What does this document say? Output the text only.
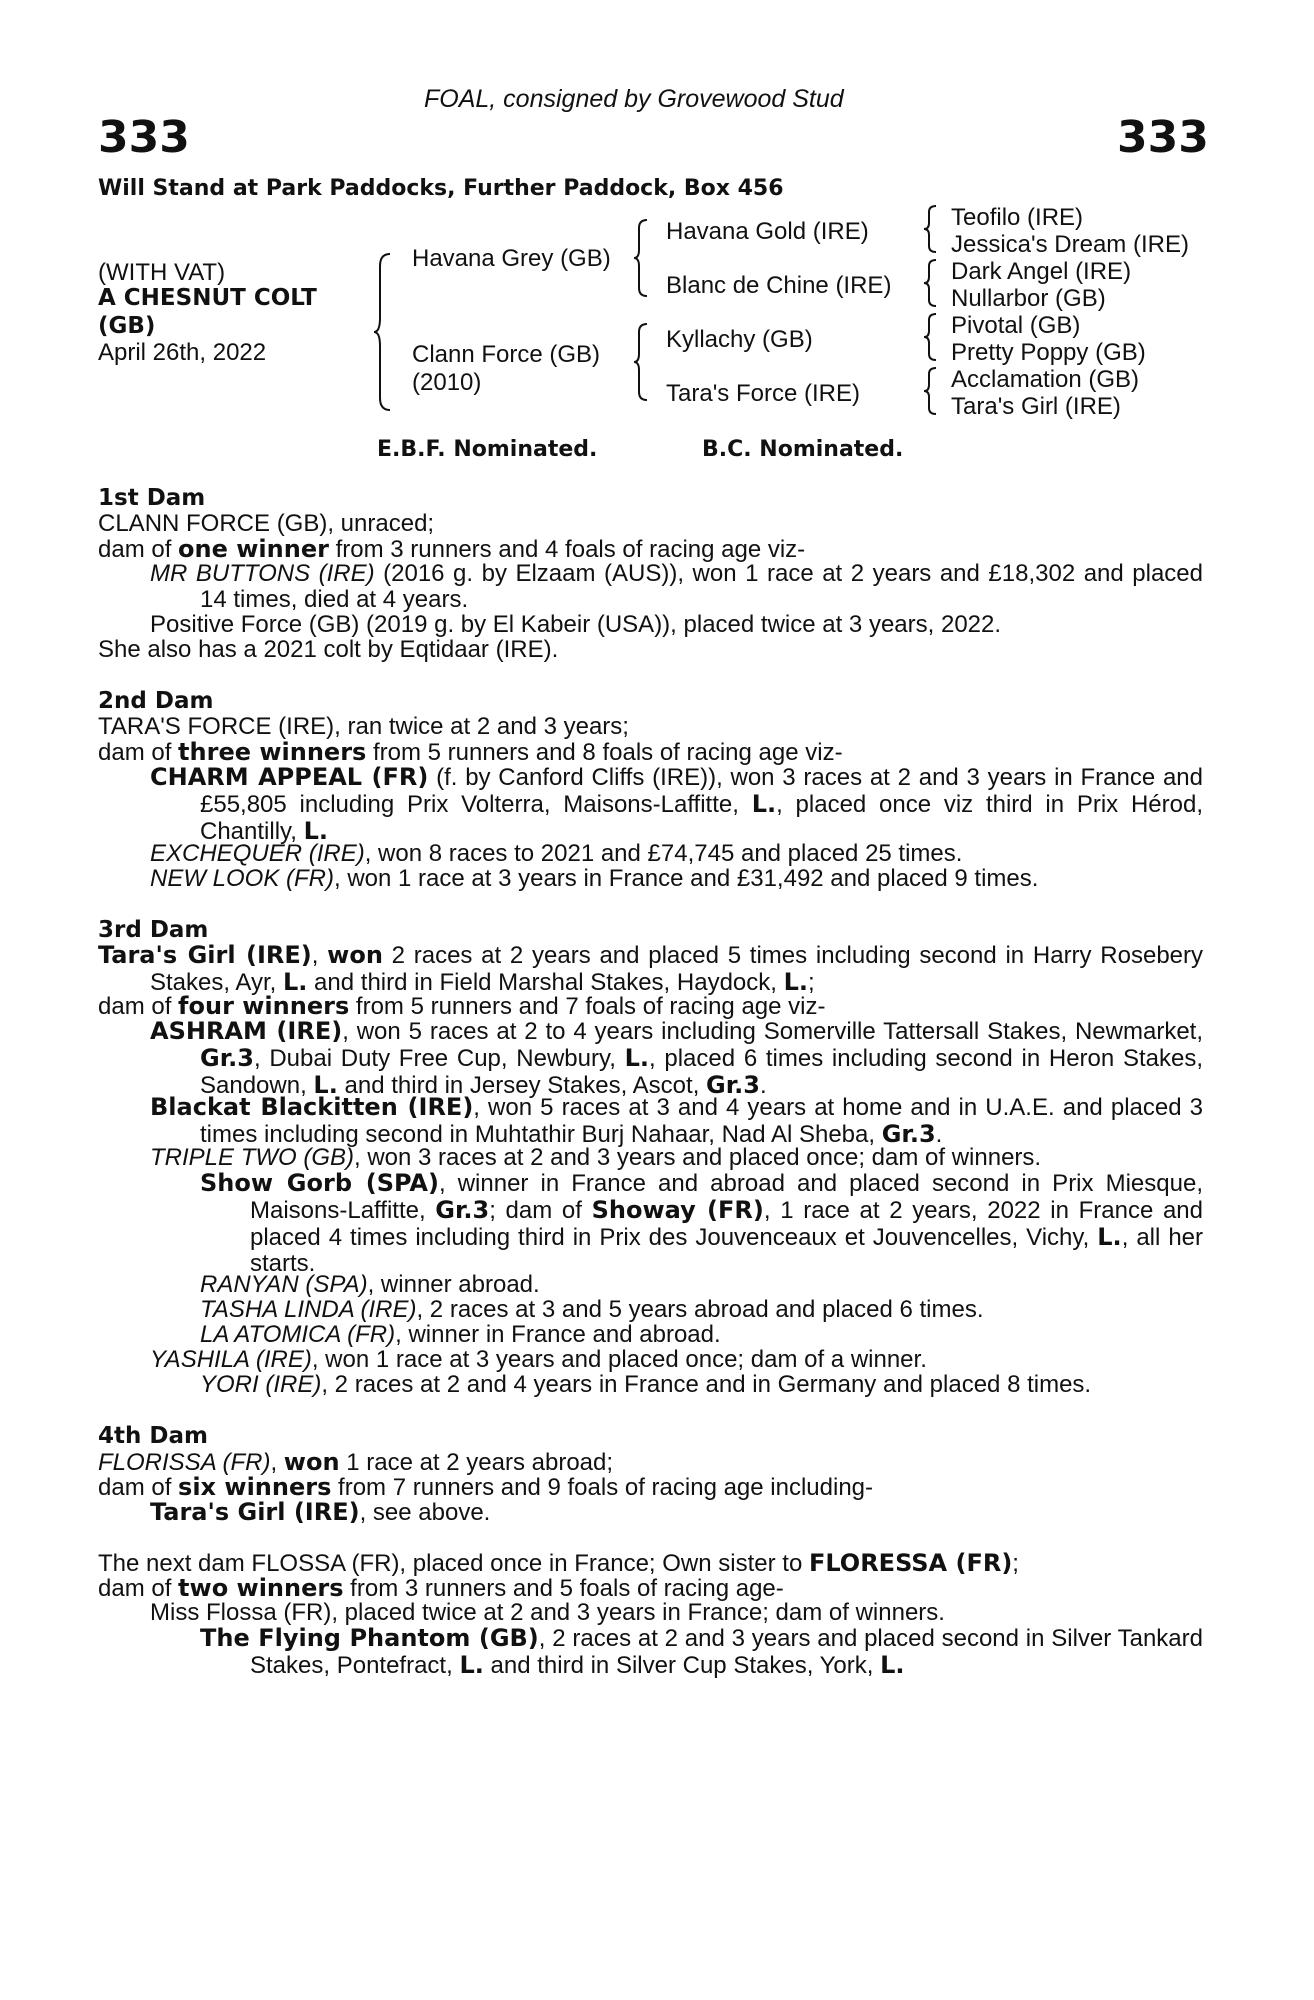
FOAL, consigned by Grovewood Stud
333	333
Will Stand at Park Paddocks, Further Paddock, Box 456
(WITH VAT)
A CHESNUT COLT
(GB)
April 26th, 2022
Havana Grey (GB)
Clann Force (GB)
(2010)
Havana Gold (IRE)
Blanc de Chine (IRE)
Kyllachy (GB)
Tara's Force (IRE)
Teofilo (IRE)
Jessica's Dream (IRE)
Dark Angel (IRE)
Nullarbor (GB)
Pivotal (GB)
Pretty Poppy (GB)
Acclamation (GB)
Tara's Girl (IRE)
E.B.F. Nominated.	B.C. Nominated.
1st Dam
CLANN FORCE (GB), unraced;
dam of one winner from 3 runners and 4 foals of racing age viz-
MR BUTTONS (IRE) (2016 g. by Elzaam (AUS)), won 1 race at 2 years and £18,302 and placed 14 times, died at 4 years.
Positive Force (GB) (2019 g. by El Kabeir (USA)), placed twice at 3 years, 2022.
She also has a 2021 colt by Eqtidaar (IRE).
2nd Dam
TARA'S FORCE (IRE), ran twice at 2 and 3 years;
dam of three winners from 5 runners and 8 foals of racing age viz-
CHARM APPEAL (FR) (f. by Canford Cliffs (IRE)), won 3 races at 2 and 3 years in France and £55,805 including Prix Volterra, Maisons-Laffitte, L., placed once viz third in Prix Hérod, Chantilly, L.
EXCHEQUER (IRE), won 8 races to 2021 and £74,745 and placed 25 times.
NEW LOOK (FR), won 1 race at 3 years in France and £31,492 and placed 9 times.
3rd Dam
Tara's Girl (IRE), won 2 races at 2 years and placed 5 times including second in Harry Rosebery Stakes, Ayr, L. and third in Field Marshal Stakes, Haydock, L.;
dam of four winners from 5 runners and 7 foals of racing age viz-
ASHRAM (IRE), won 5 races at 2 to 4 years including Somerville Tattersall Stakes, Newmarket, Gr.3, Dubai Duty Free Cup, Newbury, L., placed 6 times including second in Heron Stakes, Sandown, L. and third in Jersey Stakes, Ascot, Gr.3.
Blackat Blackitten (IRE), won 5 races at 3 and 4 years at home and in U.A.E. and placed 3 times including second in Muhtathir Burj Nahaar, Nad Al Sheba, Gr.3.
TRIPLE TWO (GB), won 3 races at 2 and 3 years and placed once; dam of winners.
Show Gorb (SPA), winner in France and abroad and placed second in Prix Miesque, Maisons-Laffitte, Gr.3; dam of Showay (FR), 1 race at 2 years, 2022 in France and placed 4 times including third in Prix des Jouvenceaux et Jouvencelles, Vichy, L., all her starts.
RANYAN (SPA), winner abroad.
TASHA LINDA (IRE), 2 races at 3 and 5 years abroad and placed 6 times.
LA ATOMICA (FR), winner in France and abroad.
YASHILA (IRE), won 1 race at 3 years and placed once; dam of a winner.
YORI (IRE), 2 races at 2 and 4 years in France and in Germany and placed 8 times.
4th Dam
FLORISSA (FR), won 1 race at 2 years abroad;
dam of six winners from 7 runners and 9 foals of racing age including-
Tara's Girl (IRE), see above.
The next dam FLOSSA (FR), placed once in France; Own sister to FLORESSA (FR);
dam of two winners from 3 runners and 5 foals of racing age-
Miss Flossa (FR), placed twice at 2 and 3 years in France; dam of winners.
The Flying Phantom (GB), 2 races at 2 and 3 years and placed second in Silver Tankard Stakes, Pontefract, L. and third in Silver Cup Stakes, York, L.
